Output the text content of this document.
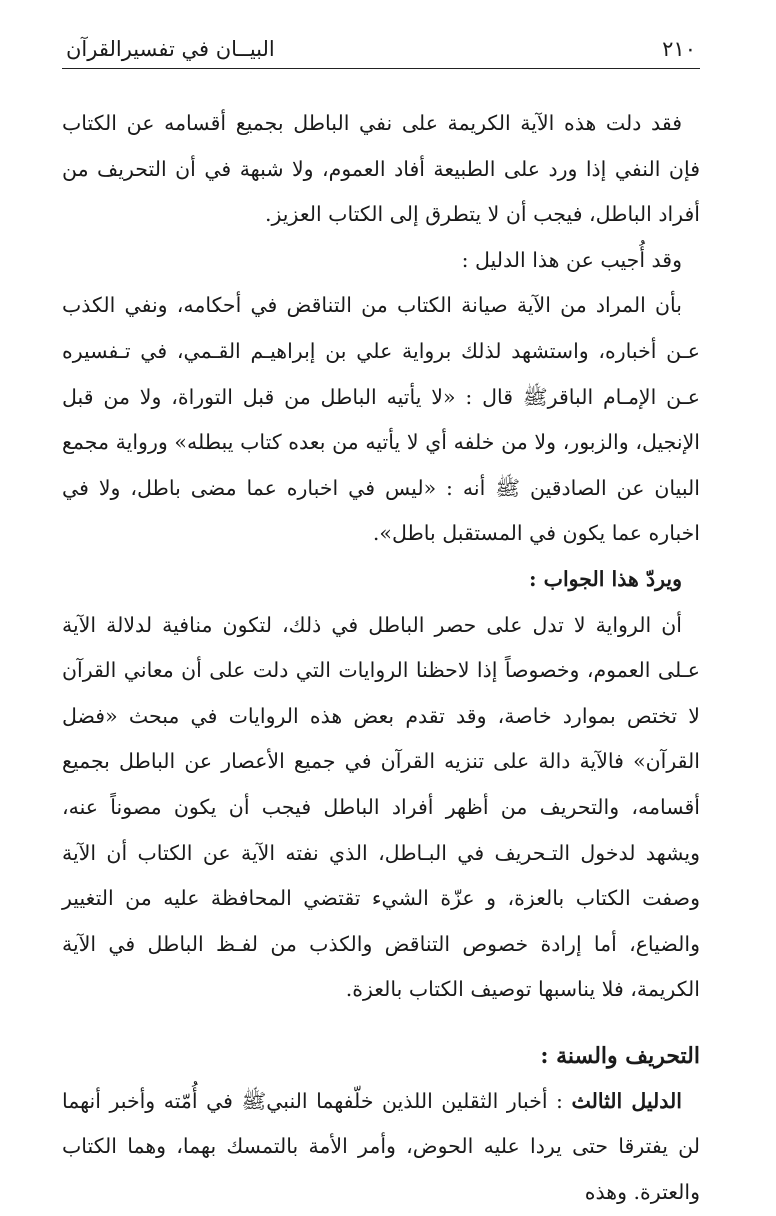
٢١٠
البيــان في تفسيرالقرآن

فقد دلت هذه الآية الكريمة على نفي الباطل بجميع أقسامه عن الكتاب فإن النفي إذا ورد على الطبيعة أفاد العموم، ولا شبهة في أن التحريف من أفراد الباطل، فيجب أن لا يتطرق إلى الكتاب العزيز.

وقد أُجيب عن هذا الدليل :

بأن المراد من الآية صيانة الكتاب من التناقض في أحكامه، ونفي الكذب عـن أخباره، واستشهد لذلك برواية علي بن إبراهيـم القـمي، في تـفسيره عـن الإمـام الباقرﷺ قال : «لا يأتيه الباطل من قبل التوراة، ولا من قبل الإنجيل، والزبور، ولا من خلفه أي لا يأتيه من بعده كتاب يبطله» ورواية مجمع البيان عن الصادقين ﷺ أنه : «ليس في اخباره عما مضى باطل، ولا في اخباره عما يكون في المستقبل باطل».

ويردّ هذا الجواب :

أن الرواية لا تدل على حصر الباطل في ذلك، لتكون منافية لدلالة الآية عـلى العموم، وخصوصاً إذا لاحظنا الروايات التي دلت على أن معاني القرآن لا تختص بموارد خاصة، وقد تقدم بعض هذه الروايات في مبحث «فضل القرآن» فالآية دالة على تنزيه القرآن في جميع الأعصار عن الباطل بجميع أقسامه، والتحريف من أظهر أفراد الباطل فيجب أن يكون مصوناً عنه، ويشهد لدخول التـحريف في البـاطل، الذي نفته الآية عن الكتاب أن الآية وصفت الكتاب بالعزة، و عزّة الشيء تقتضي المحافظة عليه من التغيير والضياع، أما إرادة خصوص التناقض والكذب من لفـظ الباطل في الآية الكريمة، فلا يناسبها توصيف الكتاب بالعزة.

التحريف والسنة :

الدليل الثالث : أخبار الثقلين اللذين خلّفهما النبيﷺ في أُمّته وأخبر أنهما لن يفترقا حتى يردا عليه الحوض، وأمر الأمة بالتمسك بهما، وهما الكتاب والعترة. وهذه
